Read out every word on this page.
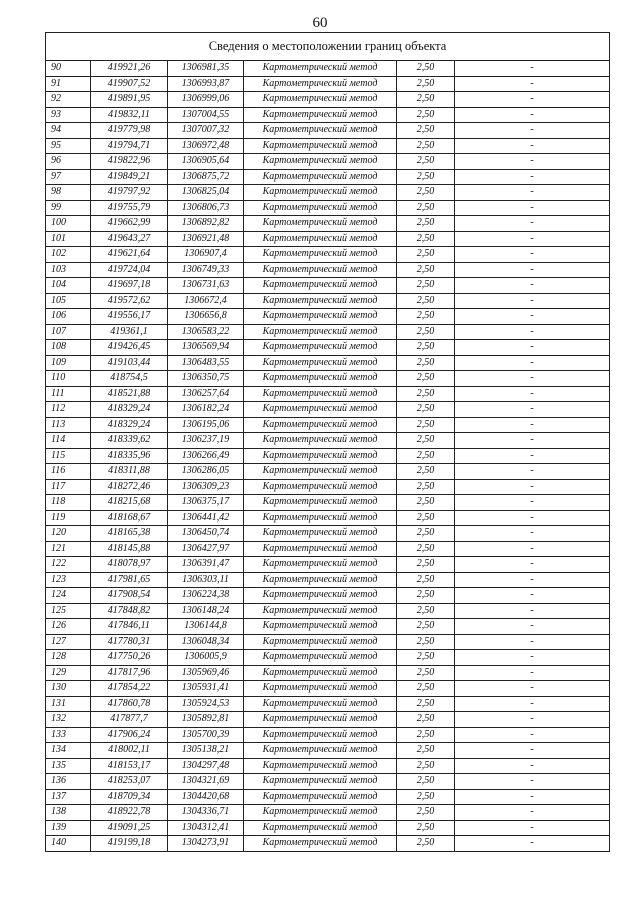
60
Сведения о местоположении границ объекта					
90	419921,26	1306981,35	Картометрический метод	2,50	-
91	419907,52	1306993,87	Картометрический метод	2,50	-
92	419891,95	1306999,06	Картометрический метод	2,50	-
93	419832,11	1307004,55	Картометрический метод	2,50	-
94	419779,98	1307007,32	Картометрический метод	2,50	-
95	419794,71	1306972,48	Картометрический метод	2,50	-
96	419822,96	1306905,64	Картометрический метод	2,50	-
97	419849,21	1306875,72	Картометрический метод	2,50	-
98	419797,92	1306825,04	Картометрический метод	2,50	-
99	419755,79	1306806,73	Картометрический метод	2,50	-
100	419662,99	1306892,82	Картометрический метод	2,50	-
101	419643,27	1306921,48	Картометрический метод	2,50	-
102	419621,64	1306907,4	Картометрический метод	2,50	-
103	419724,04	1306749,33	Картометрический метод	2,50	-
104	419697,18	1306731,63	Картометрический метод	2,50	-
105	419572,62	1306672,4	Картометрический метод	2,50	-
106	419556,17	1306656,8	Картометрический метод	2,50	-
107	419361,1	1306583,22	Картометрический метод	2,50	-
108	419426,45	1306569,94	Картометрический метод	2,50	-
109	419103,44	1306483,55	Картометрический метод	2,50	-
110	418754,5	1306350,75	Картометрический метод	2,50	-
111	418521,88	1306257,64	Картометрический метод	2,50	-
112	418329,24	1306182,24	Картометрический метод	2,50	-
113	418329,24	1306195,06	Картометрический метод	2,50	-
114	418339,62	1306237,19	Картометрический метод	2,50	-
115	418335,96	1306266,49	Картометрический метод	2,50	-
116	418311,88	1306286,05	Картометрический метод	2,50	-
117	418272,46	1306309,23	Картометрический метод	2,50	-
118	418215,68	1306375,17	Картометрический метод	2,50	-
119	418168,67	1306441,42	Картометрический метод	2,50	-
120	418165,38	1306450,74	Картометрический метод	2,50	-
121	418145,88	1306427,97	Картометрический метод	2,50	-
122	418078,97	1306391,47	Картометрический метод	2,50	-
123	417981,65	1306303,11	Картометрический метод	2,50	-
124	417908,54	1306224,38	Картометрический метод	2,50	-
125	417848,82	1306148,24	Картометрический метод	2,50	-
126	417846,11	1306144,8	Картометрический метод	2,50	-
127	417780,31	1306048,34	Картометрический метод	2,50	-
128	417750,26	1306005,9	Картометрический метод	2,50	-
129	417817,96	1305969,46	Картометрический метод	2,50	-
130	417854,22	1305931,41	Картометрический метод	2,50	-
131	417860,78	1305924,53	Картометрический метод	2,50	-
132	417877,7	1305892,81	Картометрический метод	2,50	-
133	417906,24	1305700,39	Картометрический метод	2,50	-
134	418002,11	1305138,21	Картометрический метод	2,50	-
135	418153,17	1304297,48	Картометрический метод	2,50	-
136	418253,07	1304321,69	Картометрический метод	2,50	-
137	418709,34	1304420,68	Картометрический метод	2,50	-
138	418922,78	1304336,71	Картометрический метод	2,50	-
139	419091,25	1304312,41	Картометрический метод	2,50	-
140	419199,18	1304273,91	Картометрический метод	2,50	-
